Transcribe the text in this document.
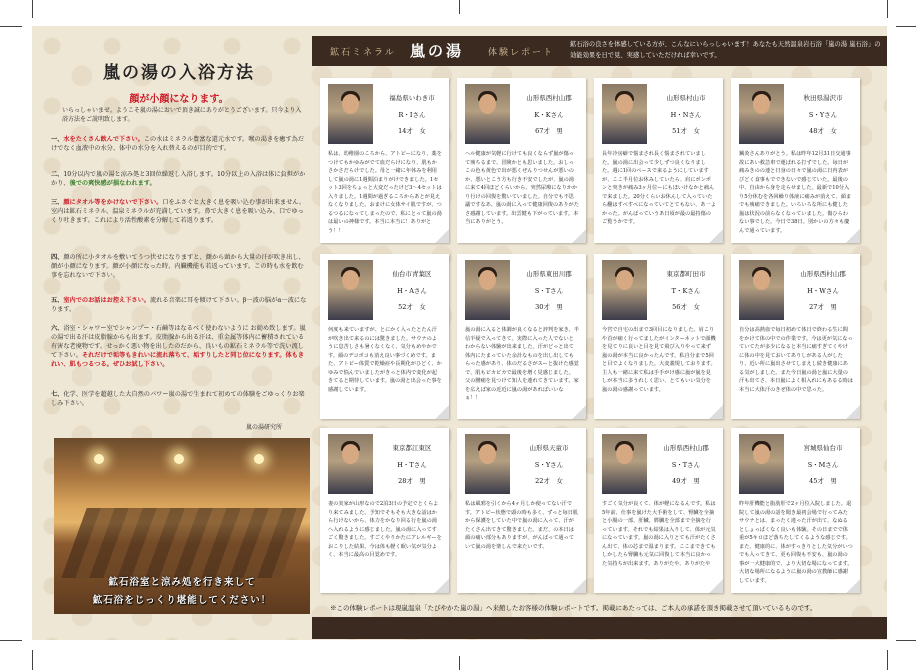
嵐の湯の入浴方法
顔が小顔になります。
いらっしゃいませ。ようこそ嵐の湯においで頂き誠にありがとうございます。只今より入浴方法をご説明致します。
一、水をたくさん飲んで下さい。この水はミネラル豊富な還元水です。喉の渇きを癒す為だけでなく血液中の水分、体中の水分を入れ替えるのが目的です。
二、10分以内で嵐の湯と涼み処と3回位繰返し入浴します。10分以上の入浴は体に負担がかかり、後での爽快感が損なわれます。
三、顔にタオル等をかけないで下さい。口をふさぐと大きく息を吸い込む事が出来ません。室内は鉱石ミネラル、温泉ミネラルが充満しています。鼻で大きく息を吸い込み、口でゆっくり吐きます。これにより活性酸素を分解して若返ります。
四、顔の所に小タオルを敷いてうつ伏せになりますと、顔から頭から大量の汗が吹き出し、顔が小顔になります。顔が小顔になった時、内臓機能も若返っています。この時も水を飲む事を忘れないで下さい。
五、室内でのお話はお控え下さい。流れる音楽に耳を傾けて下さい。β一波の脳がα一波になります。
六、浴室・シャワー室でシャンプー・石鹸等はなるべく使わないように お勧め致します。嵐の湯で出る汗は皮脂腺からも出ます。皮脂腺から出る汗は、重金属等体内に蓄積されている有害な老廃物です。せっかく悪い物を出したのだから、良いもの鉱石ミネラル等で洗い流して下さい。それだけで垢等もきれいに流れ落ちて、垢すりしたと同じ位になります。体もきれい、肌もつるつる。ぜひお試し下さい。
七、化学、医学を超越した大自然のパワー嵐の湯で生まれて初めての体験をごゆっくりお楽しみ下さい。
嵐の湯研究所
鉱石浴室と涼み処を行き来して
鉱石浴をじっくり堪能してください！
鉱石ミネラル 嵐の湯	体験レポート
鉱石浴の良さを体感している方が、こんなにいらっしゃいます！あなたも天然温泉岩石浴「嵐の湯 嵐石浴」の効能効果を日で見、実感していただければ幸いです。
福島県いわき市
R・Iさん
14才　女
私は、幼稚園のころから、アトピーになり、薬をつけてもかゆみがでて血だらけになり、肌もかさかさだらけでした。母と一緒に年休みを利用して嵐の湯に1週間泊まりがけできました。1セット3回をちょっと大変だったけど3〜4セットは入りました。1週間が過ぎるころからあとが見えなくなりました。おまけに女体サイ肌ですが、つるつるになってしまったので、私にとって嵐の湯は最いの神様です。本当に本当に！ありがとう！！
山形県西村山郡
K・Kさん
67才　男
ヘル健康が気軽に行けても良くならず嵐が傷って痩ちるまで、冒険かとも思いました。おしっこの色も黄色で出が悪くぜんりつせんが悪いのか、悪いとこう方も行き不安でしたが、嵐の湯に来て4回ほどくらいから、突然尿療になりかかり行けの回復を驚いていました。自分でも不思議ですなあ。嵐の湯に入って健康回復のありがたさ感謝しています。出雲健も下がっています。本当にありがとう。
山形県村山市
H・Nさん
51才　女
長年冷房癖で悩まされ長く悩まされていました。嵐の湯に出会って少しずつ良くなりました。週に1回のペースで来るようにしていますが、ここ半月位お休みしていたら、肩にポンポンと突きが痛み3ヶ月位ーにもほいけなかと痛んで来ました。20分くらいお休んして入っていたら翻はすべすべになっていてとてもない、あ一よかった。がんばっていうあ日頃が最の最持傷のご覧うかです。
秋田県湯沢市
S・Yさん
48才　女
鍼灸さんありがとう。私は昨年12月31日交通事故にあい救急車で運ばれる打ずでした。毎日が痛みきのの連と日身の日々で嵐の湯に日内表がびどく食事もでできないで感じていた。最後の中、自由から身を走らせました。最新で10分入り5分休むを各回繰り体液に痛みが消えて、顔までも痩痛できました。いろいろな所にも健した嵐は状況の前らなくなっていました。傷ひらわない事でした。今日で38日。別かいの方々も慶んで通っています。
仙台市青葉区
H・Aさん
52才　女
何度も来ていますが、とにかく入ったとたん汗が吹き出て来るのには驚きました。サウナのように息苦しさも暑くなくなく、気分もめやかです。顔のデコボコも消え良い事づくめです。また、アトピー体質で乾燥症や長期化がひどく、かゆみで悩んでいましたがきっと体内で変化が起きてると期待しています。嵐の湯と出会った事を感謝しています。
山形県東田川郡
S・Tさん
30才　男
嵐の湯に入ると体調が良くなると評判を家き、半信半疑で入ってきて、実際に入った人でないとわからない体験が出来ました。汗がどっと出て体内にたまっていた余計なものを出し出してもらった感があり、体のだるさがスーと抜けた感覚で、肌もピカピカで最後を増く見感じました。父の腰痛を見つけて知人を連れてきています。家を広えば家の近近に嵐の湯があればいいなぁ！！
東京都町田市
T・Kさん
56才　女
今宮で自宅の出まで3回目になりました。肩こりや首が痛く行ってましたがインターネットで顔機を見てりに良いと目を見て飛び入りやって来ず嵐の湯が本当に良かったんです。私自分まで5回と目でよくなりました。大変義規しております。主人も一緒に来て私は手手がけ感に嵐が嵐を見しが本当に多うれしく思い、とてもいい気分を嵐の湯の感謝っています。
山形県西村山郡
H・Wさん
27才　男
自分は高熱血で毎日初めて体日で終わる生に間をかけて体の中での作業です。今は更が気になっていてたが多少になると本当に痛すぎてくやけに体の中を見ておいてありしがある人がしたり、近い所に嵐出させてしまえし続き健康にある気がしました。また今日嵐の湯と嵐に大量の汗も出てさ、本日嵐によく相入れにもあるる時は本当に大体汗のきぜ体の中で思った。
東京都江東区
H・Tさん
28才　男
妻の実家が山形なので2泊3日の予定でとくらより来てみました。予知でそもそも大きな話はから行けないから、体力をかなり回る行を嵐の湯へ入れるように感じました。嵐の湯に入ってすごく驚きました。すごくやりかたにアレルギーをおこりした結果。今は体も軽く眠い気が気分よく、本当に最高の目覚めです。
山形県天童市
S・Yさん
22才　女
私は風邪を引くから4ヶ月しか使ってない汗です。アトピー状態で頭の時も多く、ずっと毎日肌から保護をしていた中で嵐の湯に入って、汗がたくさん出てきて驚きました。まだ、の本日は顔の痛い部分もありますが、がんばって通っていて嵐の湯を楽しんで来たいです。
山形県西村山郡
S・Tさん
49才　男
すごく気分が良くて、体が軽になるんです。私は5年前、仕事を嵐けた大手術をして、腎臓を全摘と小腸の一部、肝臓、膵臓を全部まで全摘を行っています。それでも結果は入りして、体が元気になっています。嵐の湯に入りとても汗がたくさん出て、体の芯まで温まります。ここまできてもしかしたら腎臓も元気に回復して本当に良かった気持ちが出来ます。ありがたや、ありがたや
宮城県仙台市
S・Mさん
45才　男
昨年肝機能と脂肪肝で2ヶ月位入院しました。退院して嵐の湯の話を聞き最初会場で行ってみたサウナとは、まったく違った汗が出て、なぬるとしょっぱくなく良いも体験。その日までで体重が5キロほど落ちたしてくるような感じです。また、健康的に、体がすっきりとした気分がいつでも入ってきて、更も回復も不安も、嵐の湯の事が一大健康的で、より大切な場になってます。大切な場所になるように嵐の湯の宣教師に感謝しています。
※この体験レポートは現嵐温泉「たびやかた嵐の湯」へ来館したお客様の体験レポートです。掲載にあたっては、ご本人の承諾を頂き掲載させて頂いているものです。
